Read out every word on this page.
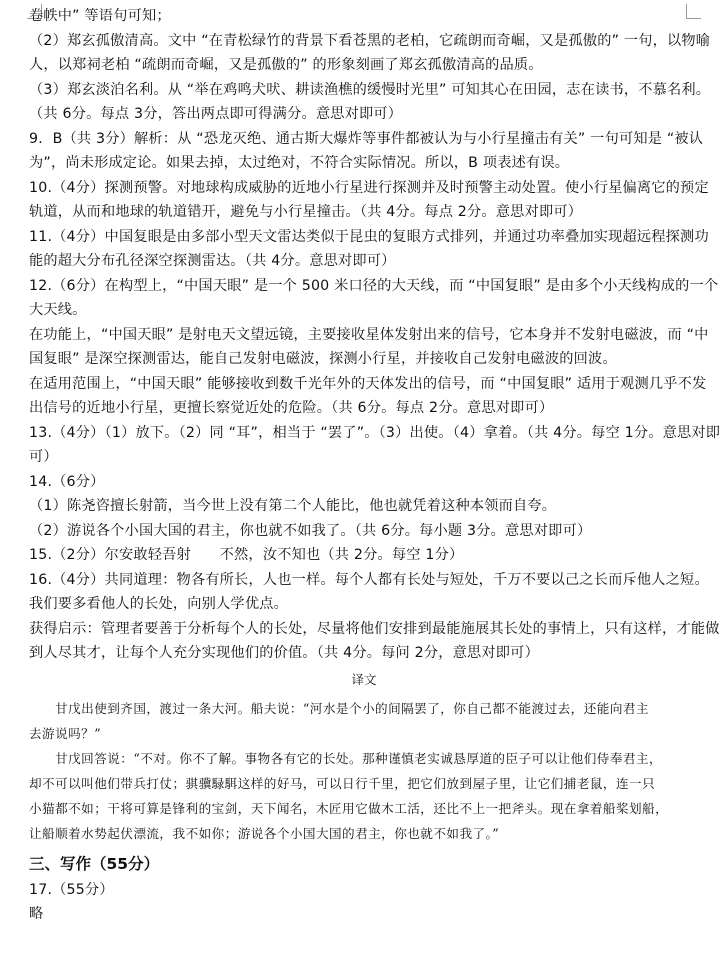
卷帙中” 等语句可知；
（2）郑玄孤傲清高。文中 “在青松绿竹的背景下看苍黑的老柏，它疏朗而奇崛，又是孤傲的” 一句，以物喻
人，以郑祠老柏 “疏朗而奇崛，又是孤傲的” 的形象刻画了郑玄孤傲清高的品质。
（3）郑玄淡泊名利。从 “举在鸡鸣犬吠、耕读渔樵的缓慢时光里” 可知其心在田园，志在读书，不慕名利。
（共 6分。每点 3分，答出两点即可得满分。意思对即可）
9．B（共 3分）解析：从 “恐龙灭绝、通古斯大爆炸等事件都被认为与小行星撞击有关” 一句可知是 “被认
为”，尚未形成定论。如果去掉，太过绝对，不符合实际情况。所以，B 项表述有误。
10.（4分）探测预警。对地球构成威胁的近地小行星进行探测并及时预警主动处置。使小行星偏离它的预定
轨道，从而和地球的轨道错开，避免与小行星撞击。（共 4分。每点 2分。意思对即可）
11.（4分）中国复眼是由多部小型天文雷达类似于昆虫的复眼方式排列，并通过功率叠加实现超远程探测功
能的超大分布孔径深空探测雷达。（共 4分。意思对即可）
12.（6分）在构型上，“中国天眼” 是一个 500 米口径的大天线，而 “中国复眼” 是由多个小天线构成的一个
大天线。
在功能上，“中国天眼” 是射电天文望远镜，主要接收星体发射出来的信号，它本身并不发射电磁波，而 “中
国复眼” 是深空探测雷达，能自己发射电磁波，探测小行星，并接收自己发射电磁波的回波。
在适用范围上，“中国天眼” 能够接收到数千光年外的天体发出的信号，而 “中国复眼” 适用于观测几乎不发
出信号的近地小行星，更擅长察觉近处的危险。（共 6分。每点 2分。意思对即可）
13.（4分）（1）放下。（2）同 “耳”，相当于 “罢了”。（3）出使。（4）拿着。（共 4分。每空 1分。意思对即
可）
14.（6分）
（1）陈尧咨擅长射箭，当今世上没有第二个人能比，他也就凭着这种本领而自夸。
（2）游说各个小国大国的君主，你也就不如我了。（共 6分。每小题 3分。意思对即可）
15.（2分）尔安敢轻吾射　　不然，汝不知也（共 2分。每空 1分）
16.（4分）共同道理：物各有所长，人也一样。每个人都有长处与短处，千万不要以己之长而斥他人之短。
我们要多看他人的长处，向别人学优点。
获得启示：管理者要善于分析每个人的长处，尽量将他们安排到最能施展其长处的事情上，只有这样，才能做
到人尽其才，让每个人充分实现他们的价值。（共 4分。每问 2分，意思对即可）
译文
　　甘戊出使到齐国，渡过一条大河。船夫说：“河水是个小的间隔罢了，你自己都不能渡过去，还能向君主
去游说吗？”
　　甘戊回答说：“不对。你不了解。事物各有它的长处。那种谨慎老实诚恳厚道的臣子可以让他们侍奉君主，
却不可以叫他们带兵打仗；骐骥騄駬这样的好马，可以日行千里，把它们放到屋子里，让它们捕老鼠，连一只
小猫都不如；干将可算是锋利的宝剑，天下闻名，木匠用它做木工活，还比不上一把斧头。现在拿着船桨划船，
让船顺着水势起伏漂流，我不如你；游说各个小国大国的君主，你也就不如我了。”
三、写作（55分）
17.（55分）
略
